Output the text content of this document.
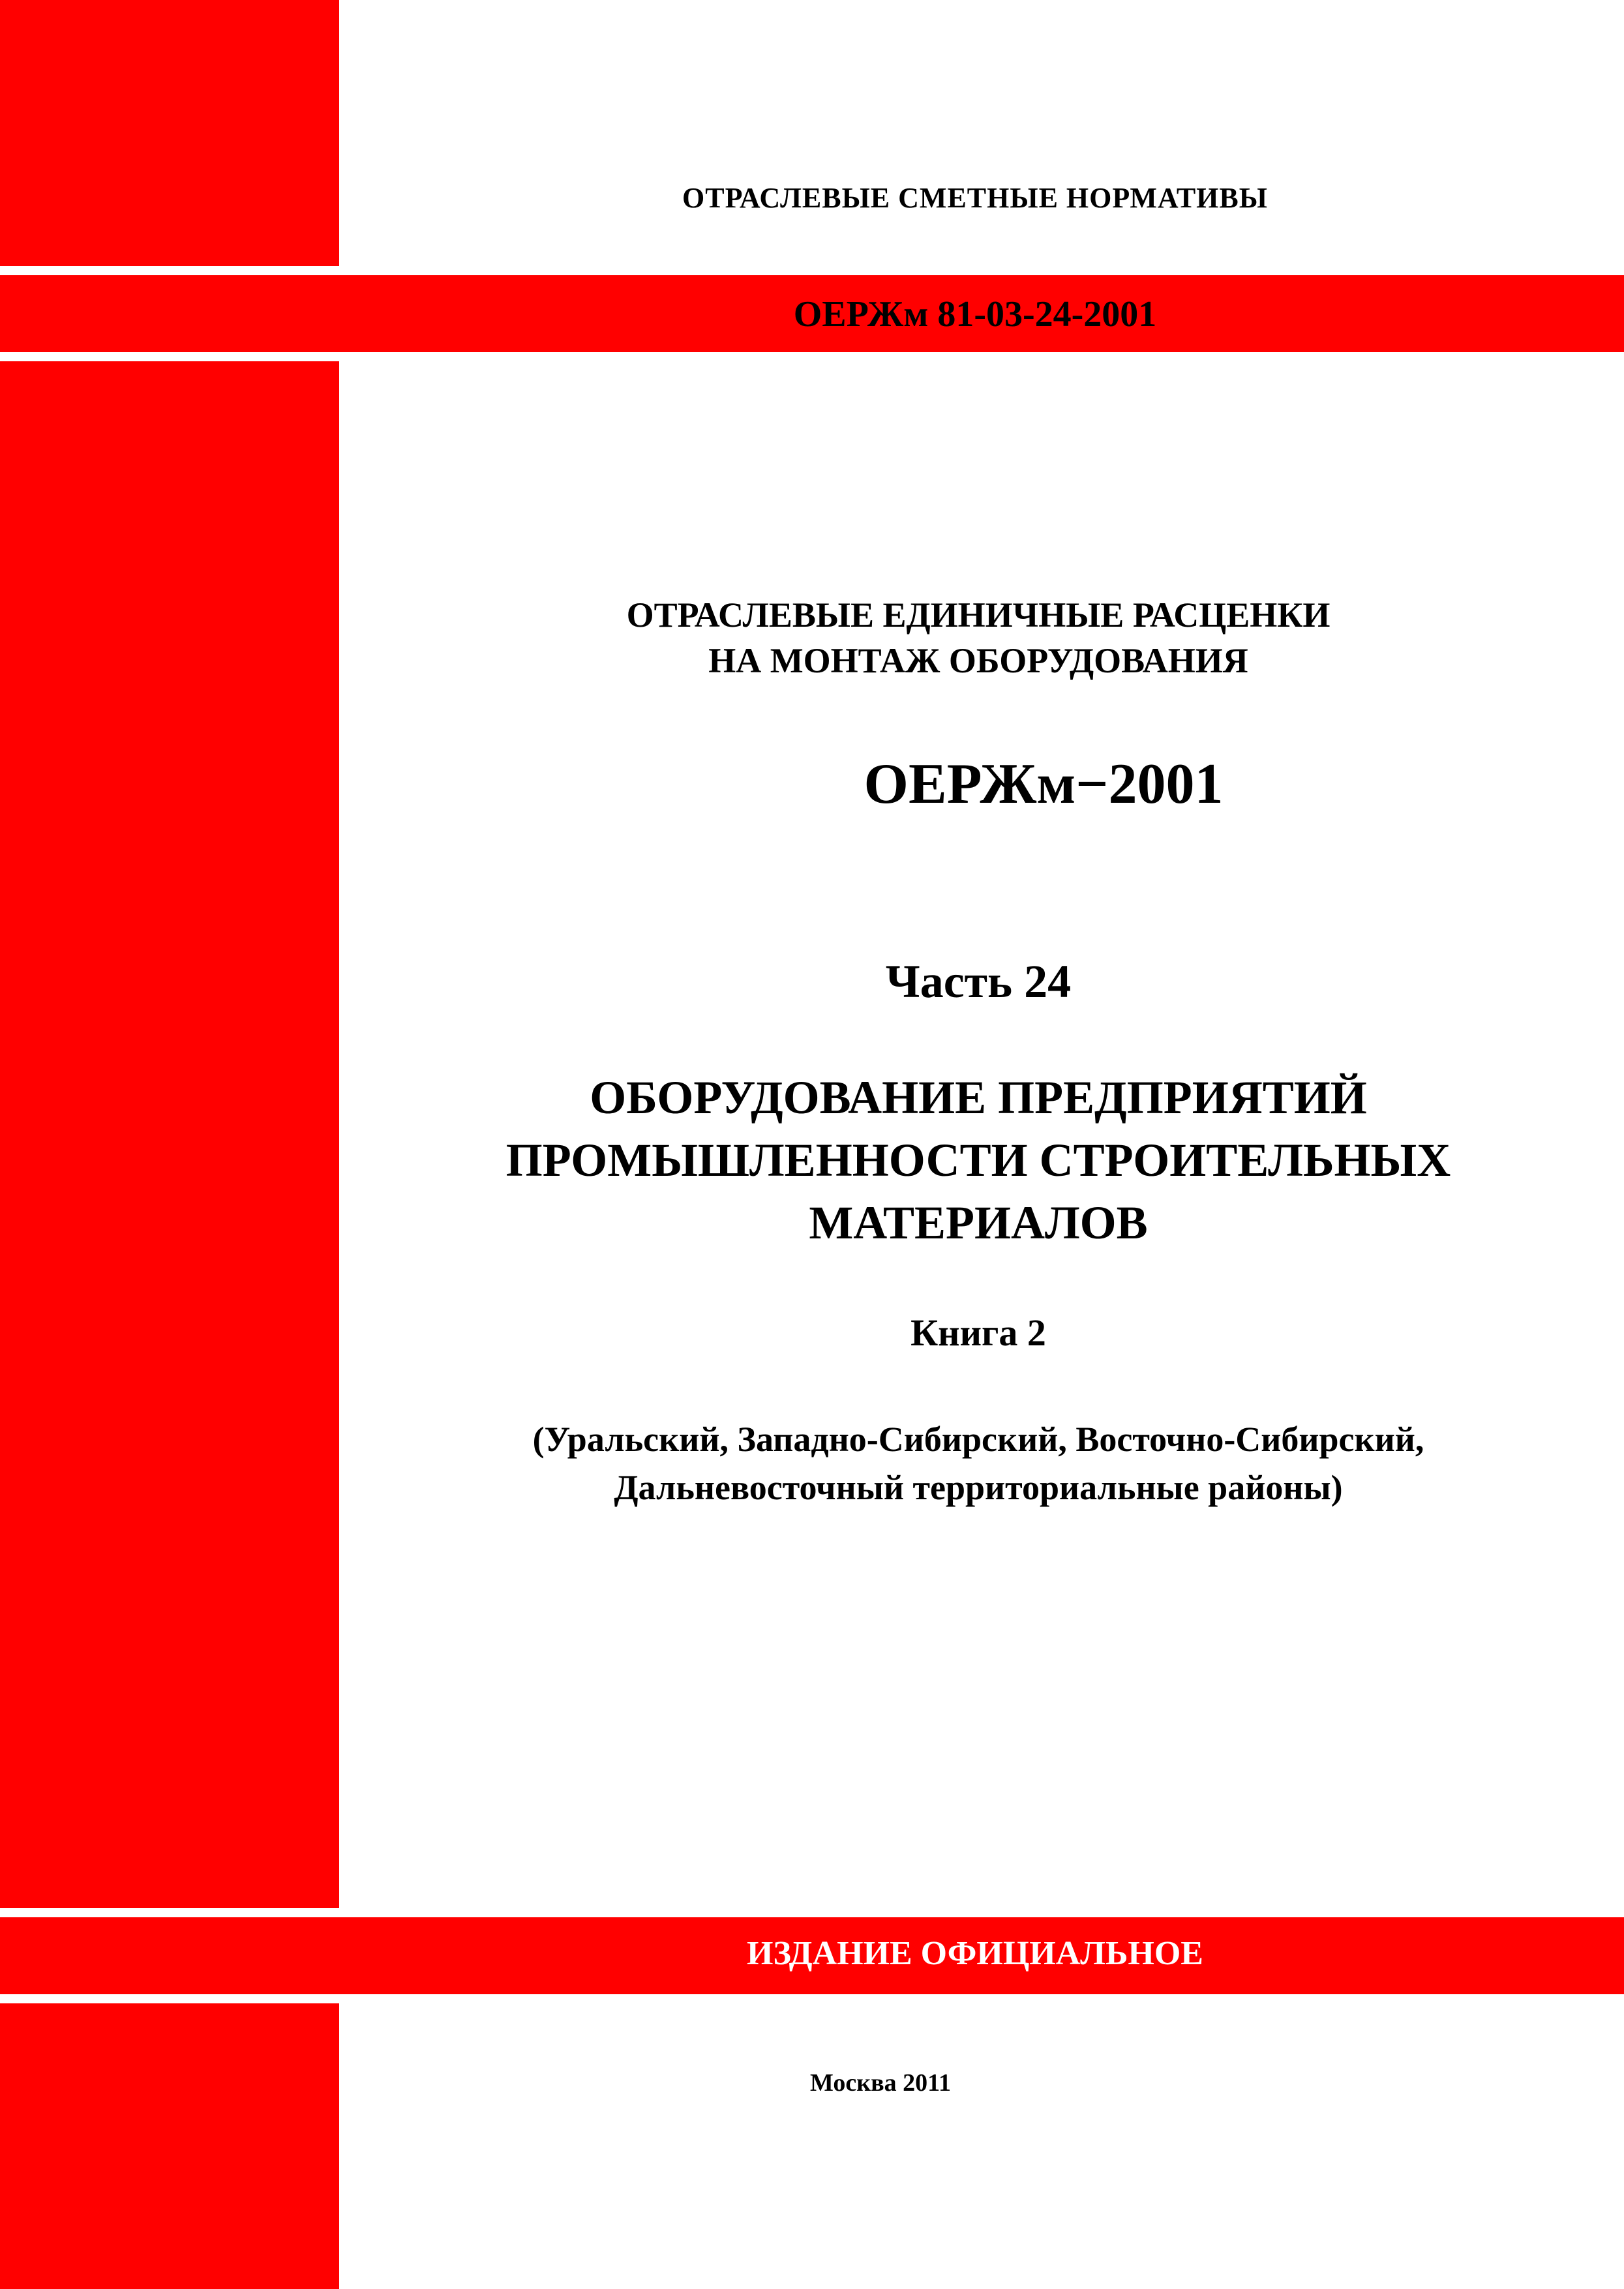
ОТРАСЛЕВЫЕ СМЕТНЫЕ НОРМАТИВЫ
ОЕРЖм 81-03-24-2001
ОТРАСЛЕВЫЕ ЕДИНИЧНЫЕ РАСЦЕНКИ
НА МОНТАЖ ОБОРУДОВАНИЯ
ОЕРЖм−2001
Часть 24
ОБОРУДОВАНИЕ ПРЕДПРИЯТИЙ
ПРОМЫШЛЕННОСТИ СТРОИТЕЛЬНЫХ
МАТЕРИАЛОВ
Книга 2
(Уральский, Западно-Сибирский, Восточно-Сибирский,
Дальневосточный территориальные районы)
ИЗДАНИЕ ОФИЦИАЛЬНОЕ
Москва 2011
